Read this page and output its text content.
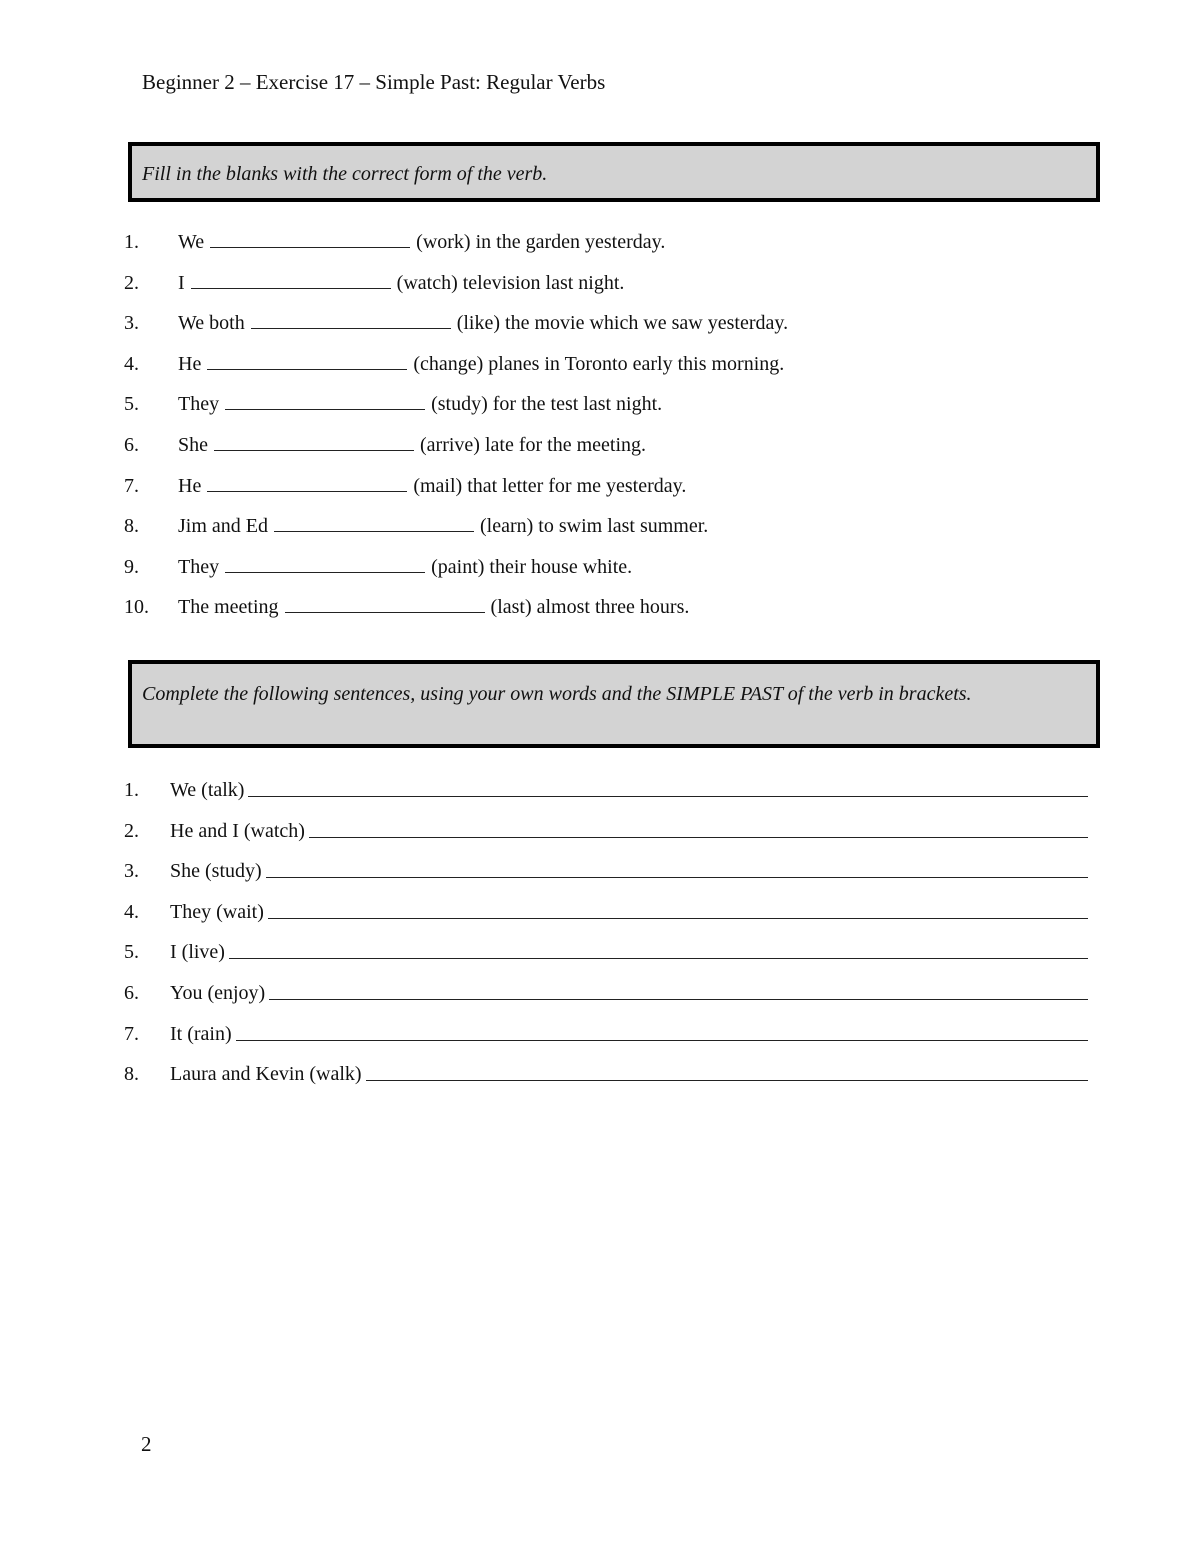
Beginner 2 – Exercise 17 – Simple Past: Regular Verbs
Fill in the blanks with the correct form of the verb.
1. We	(work) in the garden yesterday.
2. I	(watch) television last night.
3. We both	(like) the movie which we saw yesterday.
4. He	(change) planes in Toronto early this morning.
5. They	(study) for the test last night.
6. She	(arrive) late for the meeting.
7. He	(mail) that letter for me yesterday.
8. Jim and Ed	(learn) to swim last summer.
9. They	(paint) their house white.
10. The meeting	(last) almost three hours.
Complete the following sentences, using your own words and the SIMPLE PAST of the verb in brackets.
1. We (talk)
2. He and I (watch)
3. She (study)
4. They (wait)
5. I (live)
6. You (enjoy)
7. It (rain)
8. Laura and Kevin (walk)
2
